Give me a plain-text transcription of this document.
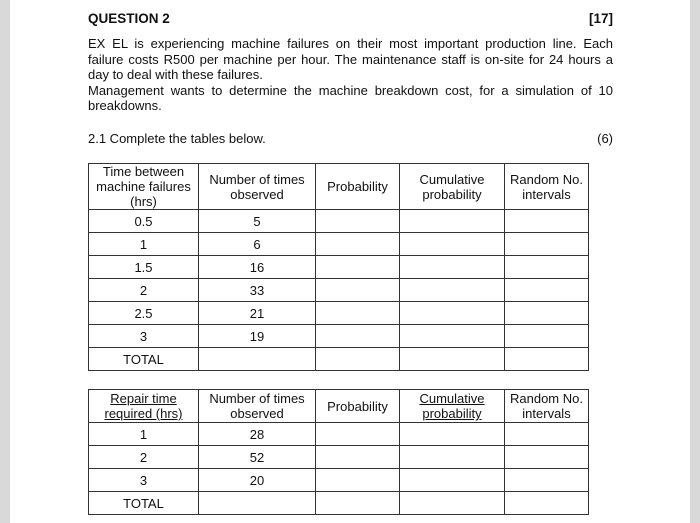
QUESTION 2	[17]

EX EL is experiencing machine failures on their most important production line. Each failure costs R500 per machine per hour. The maintenance staff is on-site for 24 hours a day to deal with these failures.

Management wants to determine the machine breakdown cost, for a simulation of 10 breakdowns.

2.1 Complete the tables below.	(6)
Time between machine failures (hrs)	Number of times observed	Probability	Cumulative probability	Random No. intervals
0.5	5			
1	6			
1.5	16			
2	33			
2.5	21			
3	19			
TOTAL				
Repair time required (hrs)	Number of times observed	Probability	Cumulative probability	Random No. intervals
1	28			
2	52			
3	20			
TOTAL				
